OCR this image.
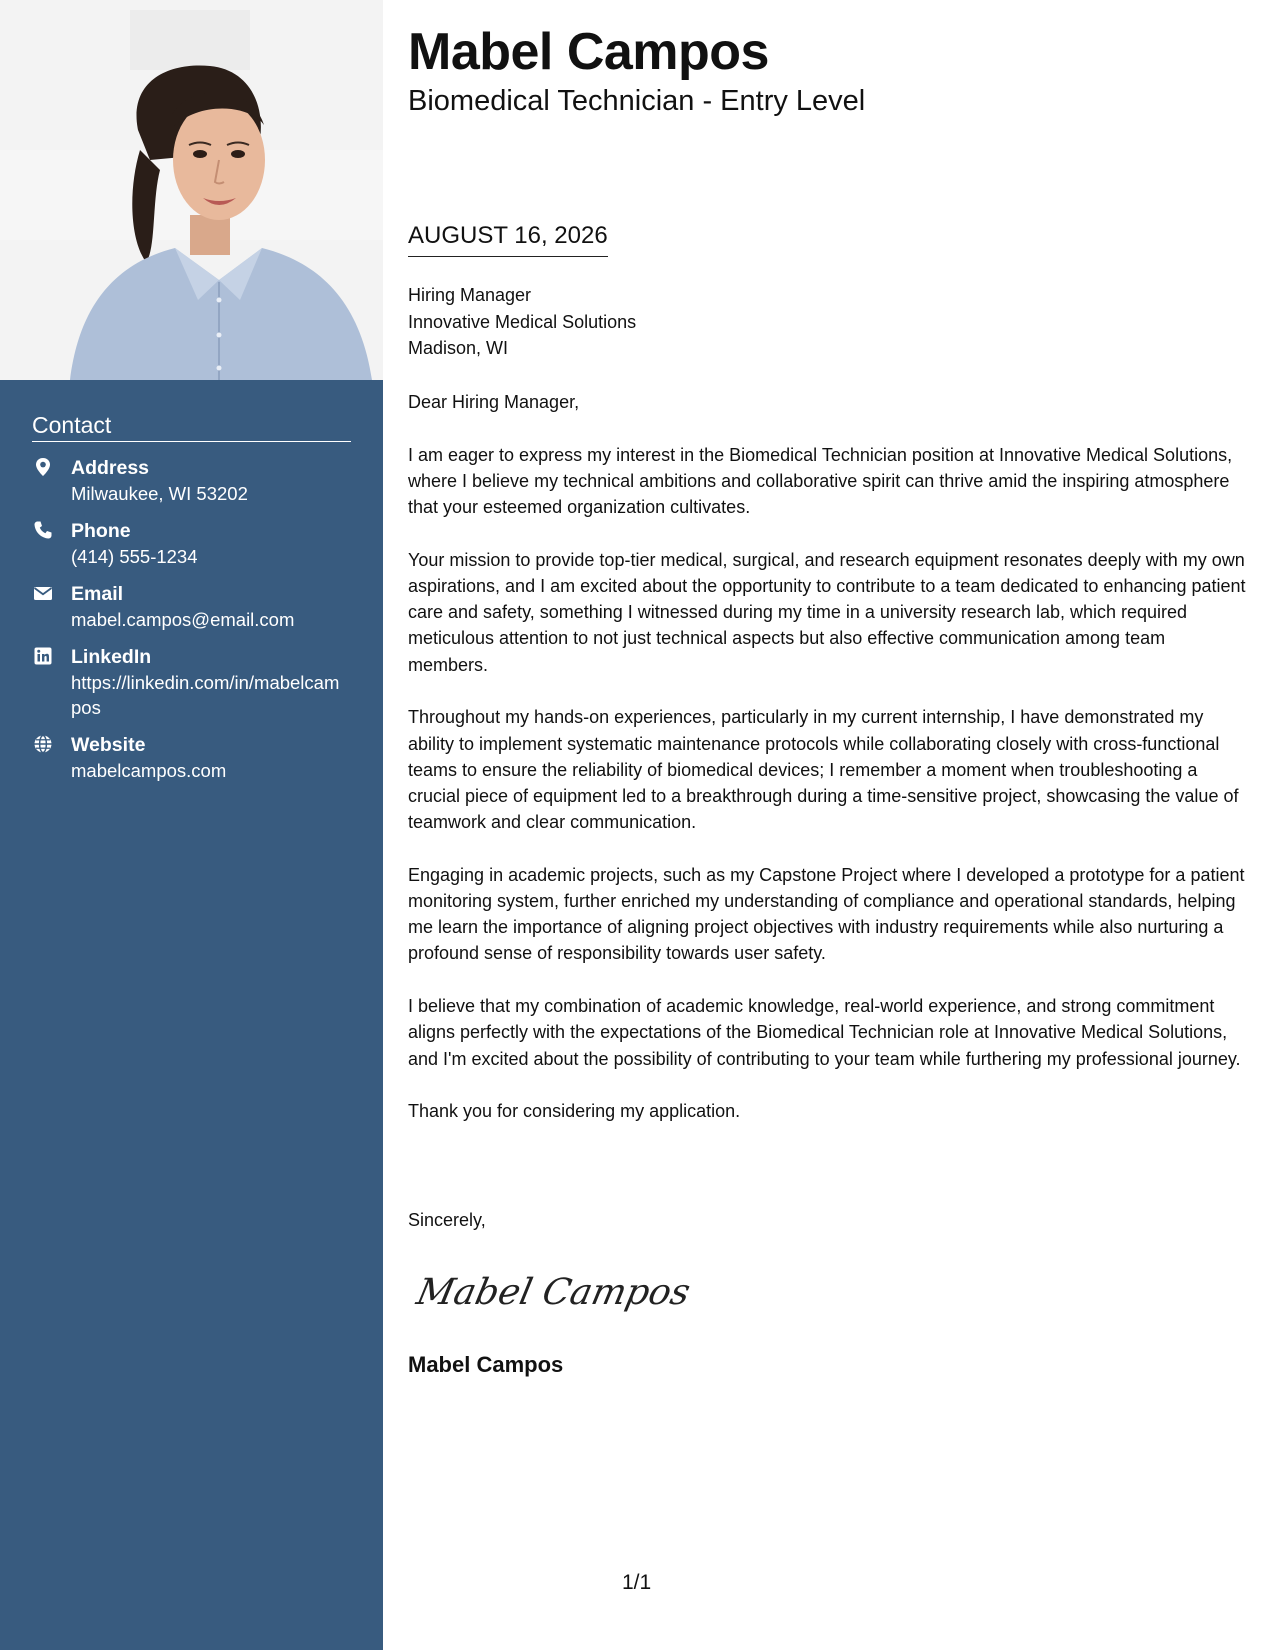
Contact
Address
Milwaukee, WI 53202
Phone
(414) 555-1234
Email
mabel.campos@email.com
LinkedIn
https://linkedin.com/in/mabelcampos
Website
mabelcampos.com
Mabel Campos
Biomedical Technician - Entry Level
AUGUST 16, 2026
Hiring Manager
Innovative Medical Solutions
Madison, WI

Dear Hiring Manager,

I am eager to express my interest in the Biomedical Technician position at Innovative Medical Solutions, where I believe my technical ambitions and collaborative spirit can thrive amid the inspiring atmosphere that your esteemed organization cultivates.

Your mission to provide top-tier medical, surgical, and research equipment resonates deeply with my own aspirations, and I am excited about the opportunity to contribute to a team dedicated to enhancing patient care and safety, something I witnessed during my time in a university research lab, which required meticulous attention to not just technical aspects but also effective communication among team members.

Throughout my hands-on experiences, particularly in my current internship, I have demonstrated my ability to implement systematic maintenance protocols while collaborating closely with cross-functional teams to ensure the reliability of biomedical devices; I remember a moment when troubleshooting a crucial piece of equipment led to a breakthrough during a time-sensitive project, showcasing the value of teamwork and clear communication.

Engaging in academic projects, such as my Capstone Project where I developed a prototype for a patient monitoring system, further enriched my understanding of compliance and operational standards, helping me learn the importance of aligning project objectives with industry requirements while also nurturing a profound sense of responsibility towards user safety.

I believe that my combination of academic knowledge, real-world experience, and strong commitment aligns perfectly with the expectations of the Biomedical Technician role at Innovative Medical Solutions, and I'm excited about the possibility of contributing to your team while furthering my professional journey.

Thank you for considering my application.

Sincerely,
Mabel Campos
Mabel Campos
1/1
